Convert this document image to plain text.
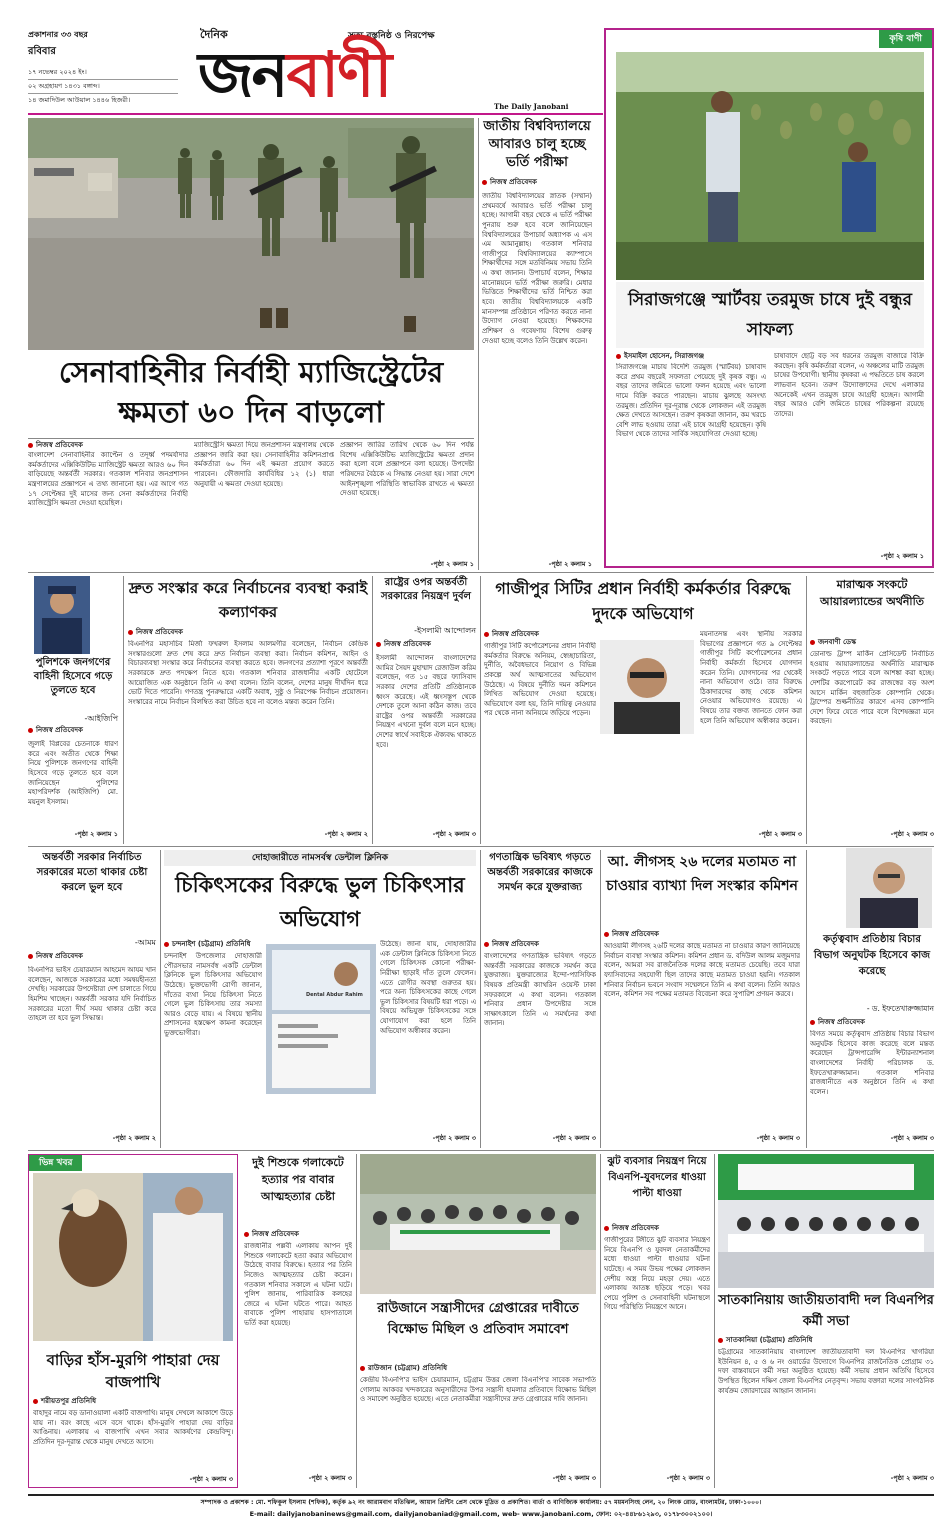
প্রকাশনার ৩৩ বছর
রবিবার
১৭ নভেম্বর ২০২৪ ইং।
০২ অগ্রহায়ণ ১৪৩১ বঙ্গাব্দ।
১৪ জমাদিউল আউয়াল ১৪৪৬ হিজরী।
দৈনিক	সত্য বস্তুনিষ্ঠ ও নিরপেক্ষ
জনবাণী	The Daily Janobani
সেনাবাহিনীর নির্বাহী ম্যাজিস্ট্রেটের ক্ষমতা ৬০ দিন বাড়লো
নিজস্ব প্রতিবেদক
বাংলাদেশ সেনাবাহিনীর ক্যাপ্টেন ও তদূর্ধ্ব পদমর্যাদার কর্মকর্তাদের এক্সিকিউটিভ ম্যাজিস্ট্রেট ক্ষমতা আরও ৬০ দিন বাড়িয়েছে অন্তর্বর্তী সরকার। গতকাল শনিবার জনপ্রশাসন মন্ত্রণালয়ের প্রজ্ঞাপনে এ তথ্য জানানো হয়। এর আগে গত ১৭ সেপ্টেম্বর দুই মাসের জন্য সেনা কর্মকর্তাদের নির্বাহী ম্যাজিস্ট্রেসি ক্ষমতা দেওয়া হয়েছিল।
ম্যাজিস্ট্রেসি ক্ষমতা দিয়ে জনপ্রশাসন মন্ত্রণালয় থেকে প্রজ্ঞাপন জারি করা হয়। সেনাবাহিনীর কমিশনপ্রাপ্ত কর্মকর্তারা ৬০ দিন এই ক্ষমতা প্রয়োগ করতে পারবেন। ফৌজদারি কার্যবিধির ১২ (১) ধারা অনুযায়ী এ ক্ষমতা দেওয়া হয়েছে।
প্রজ্ঞাপন জারির তারিখ থেকে ৬০ দিন পর্যন্ত বিশেষ এক্সিকিউটিভ ম্যাজিস্ট্রেটের ক্ষমতা প্রদান করা হলো বলে প্রজ্ঞাপনে বলা হয়েছে। উপদেষ্টা পরিষদের বৈঠকে এ সিদ্ধান্ত নেওয়া হয়। সারা দেশে আইনশৃঙ্খলা পরিস্থিতি স্বাভাবিক রাখতে এ ক্ষমতা দেওয়া হয়েছে।
-পৃষ্ঠা ২ কলাম ১
জাতীয় বিশ্ববিদ্যালয়ে আবারও চালু হচ্ছে ভর্তি পরীক্ষা
নিজস্ব প্রতিবেদক
জাতীয় বিশ্ববিদ্যালয়ের স্নাতক (সম্মান) প্রথমবর্ষে আবারও ভর্তি পরীক্ষা চালু হচ্ছে। আগামী বছর থেকে এ ভর্তি পরীক্ষা পুনরায় শুরু হবে বলে জানিয়েছেন বিশ্ববিদ্যালয়ের উপাচার্য অধ্যাপক এ এস এম আমানুল্লাহ। গতকাল শনিবার গাজীপুরে বিশ্ববিদ্যালয়ের ক্যাম্পাসে শিক্ষার্থীদের সঙ্গে মতবিনিময় সভায় তিনি এ কথা জানান। উপাচার্য বলেন, শিক্ষার মানোন্নয়নে ভর্তি পরীক্ষা জরুরি। মেধার ভিত্তিতে শিক্ষার্থীদের ভর্তি নিশ্চিত করা হবে। জাতীয় বিশ্ববিদ্যালয়কে একটি মানসম্পন্ন প্রতিষ্ঠানে পরিণত করতে নানা উদ্যোগ নেওয়া হয়েছে। শিক্ষকদের প্রশিক্ষণ ও গবেষণায় বিশেষ গুরুত্ব দেওয়া হচ্ছে বলেও তিনি উল্লেখ করেন।
-পৃষ্ঠা ২ কলাম ১
কৃষি বাণী
সিরাজগঞ্জে স্মার্টবয় তরমুজ চাষে দুই বন্ধুর সাফল্য
ইসমাইল হোসেন, সিরাজগঞ্জ
সিরাজগঞ্জে মাচায় বিদেশি তরমুজ (স্মার্টবয়) চাষাবাদ করে প্রথম বছরেই সফলতা পেয়েছে দুই কৃষক বন্ধু। এ বছর তাদের জমিতে ভালো ফলন হয়েছে এবং ভালো দামে বিক্রি করতে পারছেন। মাচায় ঝুলছে অসংখ্য তরমুজ। প্রতিদিন দূর-দূরান্ত থেকে লোকজন এই তরমুজ ক্ষেত দেখতে আসছেন। তরুণ কৃষকরা জানান, কম খরচে বেশি লাভ হওয়ায় তারা এই চাষে আগ্রহী হয়েছেন। কৃষি বিভাগ থেকে তাদের সার্বিক সহযোগিতা দেওয়া হচ্ছে।
চাষাবাদে ছোট্ট বড় সব ধরনের তরমুজ বাজারে বিক্রি করছেন। কৃষি কর্মকর্তারা বলেন, এ অঞ্চলের মাটি তরমুজ চাষের উপযোগী। স্থানীয় কৃষকরা এ পদ্ধতিতে চাষ করলে লাভবান হবেন। তরুণ উদ্যোক্তাদের দেখে এলাকার অনেকেই এখন তরমুজ চাষে আগ্রহী হচ্ছেন। আগামী বছর আরও বেশি জমিতে চাষের পরিকল্পনা রয়েছে তাদের।
-পৃষ্ঠা ২ কলাম ১
পুলিশকে জনগণের বাহিনী হিসেবে গড়ে তুলতে হবে
-আইজিপি
নিজস্ব প্রতিবেদক
জুলাই বিপ্লবের চেতনাকে ধারণ করে এবং অতীত থেকে শিক্ষা নিয়ে পুলিশকে জনগণের বাহিনী হিসেবে গড়ে তুলতে হবে বলে জানিয়েছেন পুলিশের মহাপরিদর্শক (আইজিপি) মো. ময়নুল ইসলাম।
-পৃষ্ঠা ২ কলাম ১
দ্রুত সংস্কার করে নির্বাচনের ব্যবস্থা করাই কল্যাণকর
নিজস্ব প্রতিবেদক
বিএনপির মহাসচিব মির্জা ফখরুল ইসলাম আলমগীর বলেছেন, নির্বাচন কেন্দ্রিক সংস্কারগুলো দ্রুত শেষ করে দ্রুত নির্বাচন ব্যবস্থা করা। নির্বাচন কমিশন, আইন ও বিচারব্যবস্থা সংস্কার করে নির্বাচনের ব্যবস্থা করতে হবে। জনগণের প্রত্যাশা পূরণে অন্তর্বর্তী সরকারকে দ্রুত পদক্ষেপ নিতে হবে। গতকাল শনিবার রাজধানীর একটি হোটেলে আয়োজিত এক অনুষ্ঠানে তিনি এ কথা বলেন। তিনি বলেন, দেশের মানুষ দীর্ঘদিন ধরে ভোট দিতে পারেনি। গণতন্ত্র পুনরুদ্ধারে একটি অবাধ, সুষ্ঠু ও নিরপেক্ষ নির্বাচন প্রয়োজন। সংস্কারের নামে নির্বাচন বিলম্বিত করা উচিত হবে না বলেও মন্তব্য করেন তিনি।
-পৃষ্ঠা ২ কলাম ২
রাষ্ট্রের ওপর অন্তর্বর্তী সরকারের নিয়ন্ত্রণ দুর্বল
-ইসলামী আন্দোলন
নিজস্ব প্রতিবেদক
ইসলামী আন্দোলন বাংলাদেশের আমির সৈয়দ মুহাম্মাদ রেজাউল করিম বলেছেন, গত ১৫ বছরে ফ্যাসিবাদ সরকার দেশের প্রতিটি প্রতিষ্ঠানকে ধ্বংস করেছে। এই ধ্বংসস্তূপ থেকে দেশকে তুলে আনা কঠিন কাজ। তবে রাষ্ট্রের ওপর অন্তর্বর্তী সরকারের নিয়ন্ত্রণ এখনো দুর্বল বলে মনে হচ্ছে। দেশের স্বার্থে সবাইকে ঐক্যবদ্ধ থাকতে হবে।
-পৃষ্ঠা ২ কলাম ৩
গাজীপুর সিটির প্রধান নির্বাহী কর্মকর্তার বিরুদ্ধে দুদকে অভিযোগ
নিজস্ব প্রতিবেদক
গাজীপুর সিটি কর্পোরেশনের প্রধান নির্বাহী কর্মকর্তার বিরুদ্ধে অনিয়ম, স্বেচ্ছাচারিতা, দুর্নীতি, অবৈধভাবে নিয়োগ ও বিভিন্ন প্রকল্পে অর্থ আত্মসাতের অভিযোগ উঠেছে। এ বিষয়ে দুর্নীতি দমন কমিশনে লিখিত অভিযোগ দেওয়া হয়েছে। অভিযোগে বলা হয়, তিনি দায়িত্ব নেওয়ার পর থেকে নানা অনিয়মে জড়িয়ে পড়েন।
ময়নাতদন্ত এবং স্থানীয় সরকার বিভাগের প্রজ্ঞাপনে গত ৯ সেপ্টেম্বর গাজীপুর সিটি কর্পোরেশনের প্রধান নির্বাহী কর্মকর্তা হিসেবে যোগদান করেন তিনি। যোগদানের পর থেকেই নানা অভিযোগ ওঠে। তার বিরুদ্ধে ঠিকাদারদের কাছ থেকে কমিশন নেওয়ার অভিযোগও রয়েছে। এ বিষয়ে তার বক্তব্য জানতে ফোন করা হলে তিনি অভিযোগ অস্বীকার করেন।
-পৃষ্ঠা ২ কলাম ৩
মারাত্মক সংকটে আয়ারল্যান্ডের অর্থনীতি
জনবাণী ডেস্ক
ডোনাল্ড ট্রাম্প মার্কিন প্রেসিডেন্ট নির্বাচিত হওয়ায় আয়ারল্যান্ডের অর্থনীতি মারাত্মক সংকটে পড়তে পারে বলে আশঙ্কা করা হচ্ছে। দেশটির করপোরেট কর রাজস্বের বড় অংশ আসে মার্কিন বহুজাতিক কোম্পানি থেকে। ট্রাম্পের শুল্কনীতির কারণে এসব কোম্পানি দেশে ফিরে যেতে পারে বলে বিশেষজ্ঞরা মনে করছেন।
-পৃষ্ঠা ২ কলাম ৩
অন্তর্বর্তী সরকার নির্বাচিত সরকারের মতো থাকার চেষ্টা করলে ভুল হবে
-আমম
নিজস্ব প্রতিবেদক
বিএনপির ভাইস চেয়ারম্যান আহমেদ আযম খান বলেছেন, আজকে সরকারের মধ্যে সমন্বয়হীনতা দেখছি। সরকারের উপদেষ্টারা দেশ চালাতে গিয়ে হিমশিম খাচ্ছেন। অন্তর্বর্তী সরকার যদি নির্বাচিত সরকারের মতো দীর্ঘ সময় থাকার চেষ্টা করে তাহলে তা হবে ভুল সিদ্ধান্ত।
-পৃষ্ঠা ২ কলাম ২
দোহাজারীতে নামসর্বস্ব ডেন্টাল ক্লিনিক
চিকিৎসকের বিরুদ্ধে ভুল চিকিৎসার অভিযোগ
চন্দনাইশ (চট্টগ্রাম) প্রতিনিধি
চন্দনাইশ উপজেলার দোহাজারী পৌরসভার নামসর্বস্ব একটি ডেন্টাল ক্লিনিকে ভুল চিকিৎসার অভিযোগ উঠেছে। ভুক্তভোগী রোগী জানান, দাঁতের ব্যথা নিয়ে চিকিৎসা নিতে গেলে ভুল চিকিৎসায় তার সমস্যা আরও বেড়ে যায়। এ বিষয়ে স্থানীয় প্রশাসনের হস্তক্ষেপ কামনা করেছেন ভুক্তভোগীরা।
Dental Abdur Rahim
উঠেছে। জানা যায়, দোহাজারীর এক ডেন্টাল ক্লিনিকে চিকিৎসা নিতে গেলে চিকিৎসক কোনো পরীক্ষা-নিরীক্ষা ছাড়াই দাঁত তুলে ফেলেন। এতে রোগীর অবস্থা গুরুতর হয়। পরে অন্য চিকিৎসকের কাছে গেলে ভুল চিকিৎসার বিষয়টি ধরা পড়ে। এ বিষয়ে অভিযুক্ত চিকিৎসকের সঙ্গে যোগাযোগ করা হলে তিনি অভিযোগ অস্বীকার করেন।
-পৃষ্ঠা ২ কলাম ৩
গণতান্ত্রিক ভবিষ্যৎ গড়তে অন্তর্বর্তী সরকারের কাজকে সমর্থন করে যুক্তরাজ্য
নিজস্ব প্রতিবেদক
বাংলাদেশের গণতান্ত্রিক ভবিষ্যৎ গড়তে অন্তর্বর্তী সরকারের কাজকে সমর্থন করে যুক্তরাজ্য। যুক্তরাজ্যের ইন্দো-প্যাসিফিক বিষয়ক প্রতিমন্ত্রী ক্যাথরিন ওয়েস্ট ঢাকা সফরকালে এ কথা বলেন। গতকাল শনিবার প্রধান উপদেষ্টার সঙ্গে সাক্ষাৎকালে তিনি এ সমর্থনের কথা জানান।
-পৃষ্ঠা ২ কলাম ৩
আ. লীগসহ ২৬ দলের মতামত না চাওয়ার ব্যাখ্যা দিল সংস্কার কমিশন
নিজস্ব প্রতিবেদক
আওয়ামী লীগসহ ২৬টি দলের কাছে মতামত না চাওয়ার কারণ জানিয়েছে নির্বাচন ব্যবস্থা সংস্কার কমিশন। কমিশন প্রধান ড. বদিউল আলম মজুমদার বলেন, আমরা সব রাজনৈতিক দলের কাছে মতামত চেয়েছি। তবে যারা ফ্যাসিবাদের সহযোগী ছিল তাদের কাছে মতামত চাওয়া হয়নি। গতকাল শনিবার নির্বাচন ভবনে সংবাদ সম্মেলনে তিনি এ কথা বলেন। তিনি আরও বলেন, কমিশন সব পক্ষের মতামত বিবেচনা করে সুপারিশ প্রণয়ন করবে।
-পৃষ্ঠা ২ কলাম ৩
কর্তৃত্ববাদ প্রতিষ্ঠায় বিচার বিভাগ অনুঘটক হিসেবে কাজ করেছে
- ড. ইফতেখারুজ্জামান
নিজস্ব প্রতিবেদক
বিগত সময়ে কর্তৃত্ববাদ প্রতিষ্ঠায় বিচার বিভাগ অনুঘটক হিসেবে কাজ করেছে বলে মন্তব্য করেছেন ট্রান্সপারেন্সি ইন্টারন্যাশনাল বাংলাদেশের নির্বাহী পরিচালক ড. ইফতেখারুজ্জামান। গতকাল শনিবার রাজধানীতে এক অনুষ্ঠানে তিনি এ কথা বলেন।
-পৃষ্ঠা ২ কলাম ৩
ভিন্ন খবর
বাড়ির হাঁস-মুরগি পাহারা দেয় বাজপাখি
শরীয়তপুর প্রতিনিধি
বাহাদুর নামে বড় ডানাওয়ালা একটি বাজপাখি। মানুষ দেখলে আকাশে উড়ে যায় না। বরং কাছে এসে বসে থাকে। হাঁস-মুরগি পাহারা দেয় বাড়ির আঙিনায়। এলাকায় এ বাজপাখি এখন সবার আকর্ষণের কেন্দ্রবিন্দু। প্রতিদিন দূর-দূরান্ত থেকে মানুষ দেখতে আসে।
-পৃষ্ঠা ২ কলাম ৩
দুই শিশুকে গলাকেটে হত্যার পর বাবার আত্মহত্যার চেষ্টা
নিজস্ব প্রতিবেদক
রাজধানীর পল্লবী এলাকায় আপন দুই শিশুকে গলাকেটে হত্যা করার অভিযোগ উঠেছে বাবার বিরুদ্ধে। হত্যার পর তিনি নিজেও আত্মহত্যার চেষ্টা করেন। গতকাল শনিবার সকালে এ ঘটনা ঘটে। পুলিশ জানায়, পারিবারিক কলহের জেরে এ ঘটনা ঘটতে পারে। আহত বাবাকে পুলিশ পাহারায় হাসপাতালে ভর্তি করা হয়েছে।
-পৃষ্ঠা ২ কলাম ৩
রাউজানে সন্ত্রাসীদের গ্রেপ্তারের দাবীতে বিক্ষোভ মিছিল ও প্রতিবাদ সমাবেশ
রাউজান (চট্টগ্রাম) প্রতিনিধি
কেন্দ্রীয় বিএনপি'র ভাইস চেয়ারম্যান, চট্টগ্রাম উত্তর জেলা বিএনপি'র সাবেক সভাপতি গোলাম আকবর খন্দকারের অনুসারীদের উপর সন্ত্রাসী হামলার প্রতিবাদে বিক্ষোভ মিছিল ও সমাবেশ অনুষ্ঠিত হয়েছে। এতে নেতাকর্মীরা সন্ত্রাসীদের দ্রুত গ্রেপ্তারের দাবি জানান।
-পৃষ্ঠা ২ কলাম ৩
ঝুট ব্যবসার নিয়ন্ত্রণ নিয়ে বিএনপি-যুবদলের ধাওয়া পাল্টা ধাওয়া
নিজস্ব প্রতিবেদক
গাজীপুরের টঙ্গীতে ঝুট ব্যবসার নিয়ন্ত্রণ নিয়ে বিএনপি ও যুবদল নেতাকর্মীদের মধ্যে ধাওয়া পাল্টা ধাওয়ার ঘটনা ঘটেছে। এ সময় উভয় পক্ষের লোকজন দেশীয় অস্ত্র নিয়ে মহড়া দেয়। এতে এলাকায় আতঙ্ক ছড়িয়ে পড়ে। খবর পেয়ে পুলিশ ও সেনাবাহিনী ঘটনাস্থলে গিয়ে পরিস্থিতি নিয়ন্ত্রণে আনে।
-পৃষ্ঠা ২ কলাম ৩
সাতকানিয়ায় জাতীয়তাবাদী দল বিএনপির কর্মী সভা
সাতকানিয়া (চট্টগ্রাম) প্রতিনিধি
চট্টগ্রামের সাতকানিয়ায় বাংলাদেশ জাতীয়তাবাদী দল বিএনপির খাগরিয়া ইউনিয়ন ৪, ৫ ও ৬ নং ওয়ার্ডের উদ্যোগে বিএনপির রাজনৈতিক প্রোগ্রাম ৩১ দফা বাস্তবায়নে কর্মী সভা অনুষ্ঠিত হয়েছে। কর্মী সভায় প্রধান অতিথি হিসেবে উপস্থিত ছিলেন দক্ষিণ জেলা বিএনপির নেতৃবৃন্দ। সভায় বক্তারা দলের সাংগঠনিক কার্যক্রম জোরদারের আহ্বান জানান।
-পৃষ্ঠা ২ কলাম ৩
সম্পাদক ও প্রকাশক : মো. শফিকুল ইসলাম (শফিক), কর্তৃক ৯২ নং আরামবাগ মতিঝিল, আয়ান প্রিন্টিং প্রেস থেকে মুদ্রিত ও প্রকাশিত। বার্তা ও বাণিজ্যিক কার্যালয়: ৫৭ ময়মনসিংহ লেন, ২০ লিংক রোড, বাংলামটর, ঢাকা-১০০০।
E-mail: dailyjanobaninews@gmail.com, dailyjanobaniad@gmail.com, web- www.janobani.com, ফোন: ০২-৪৪৮৬১২৯৩, ০১৭৮৩০০২১০০।
